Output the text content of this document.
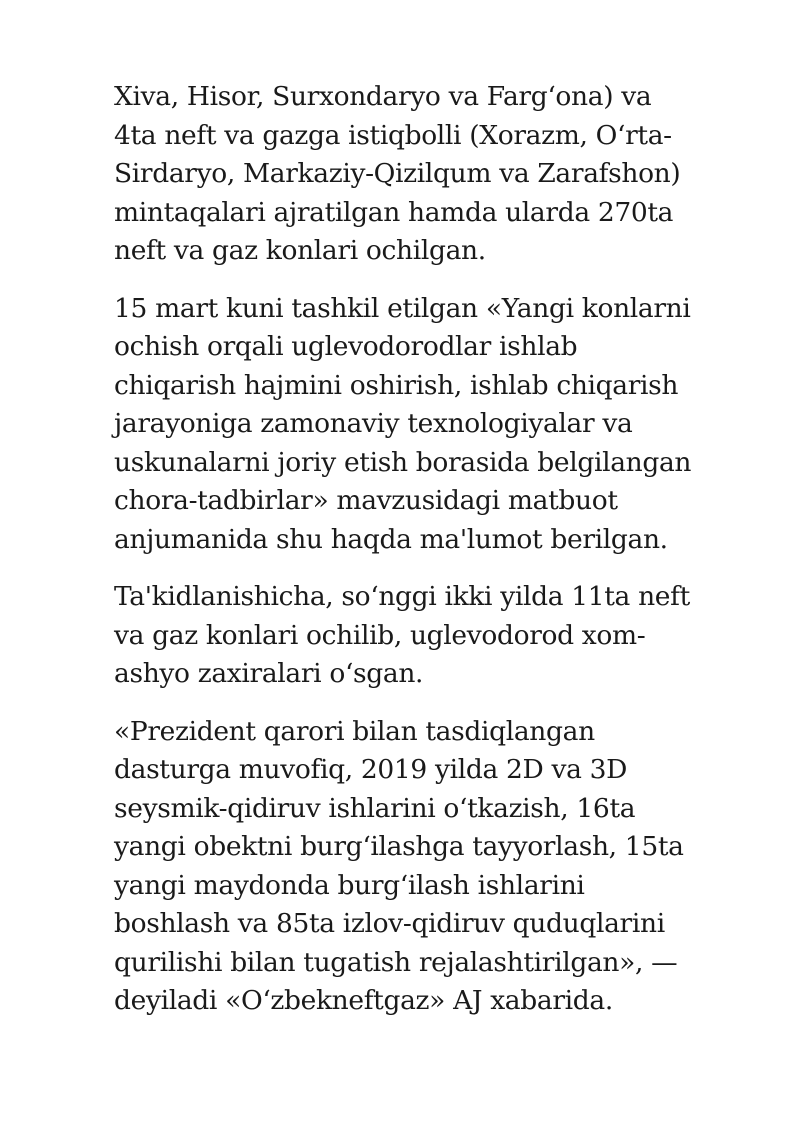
Xiva, Hisor, Surxondaryo va Farg‘ona) va
4ta neft va gazga istiqbolli (Xorazm, O‘rta-
Sirdaryo, Markaziy-Qizilqum va Zarafshon)
mintaqalari ajratilgan hamda ularda 270ta
neft va gaz konlari ochilgan.

15 mart kuni tashkil etilgan «Yangi konlarni
ochish orqali uglevodorodlar ishlab
chiqarish hajmini oshirish, ishlab chiqarish
jarayoniga zamonaviy texnologiyalar va
uskunalarni joriy etish borasida belgilangan
chora-tadbirlar» mavzusidagi matbuot
anjumanida shu haqda ma'lumot berilgan.

Ta'kidlanishicha, so‘nggi ikki yilda 11ta neft
va gaz konlari ochilib, uglevodorod xom-
ashyo zaxiralari o‘sgan.

«Prezident qarori bilan tasdiqlangan
dasturga muvofiq, 2019 yilda 2D va 3D
seysmik-qidiruv ishlarini o‘tkazish, 16ta
yangi obektni burg‘ilashga tayyorlash, 15ta
yangi maydonda burg‘ilash ishlarini
boshlash va 85ta izlov-qidiruv quduqlarini
qurilishi bilan tugatish rejalashtirilgan», —
deyiladi «O‘zbekneftgaz» AJ xabarida.
